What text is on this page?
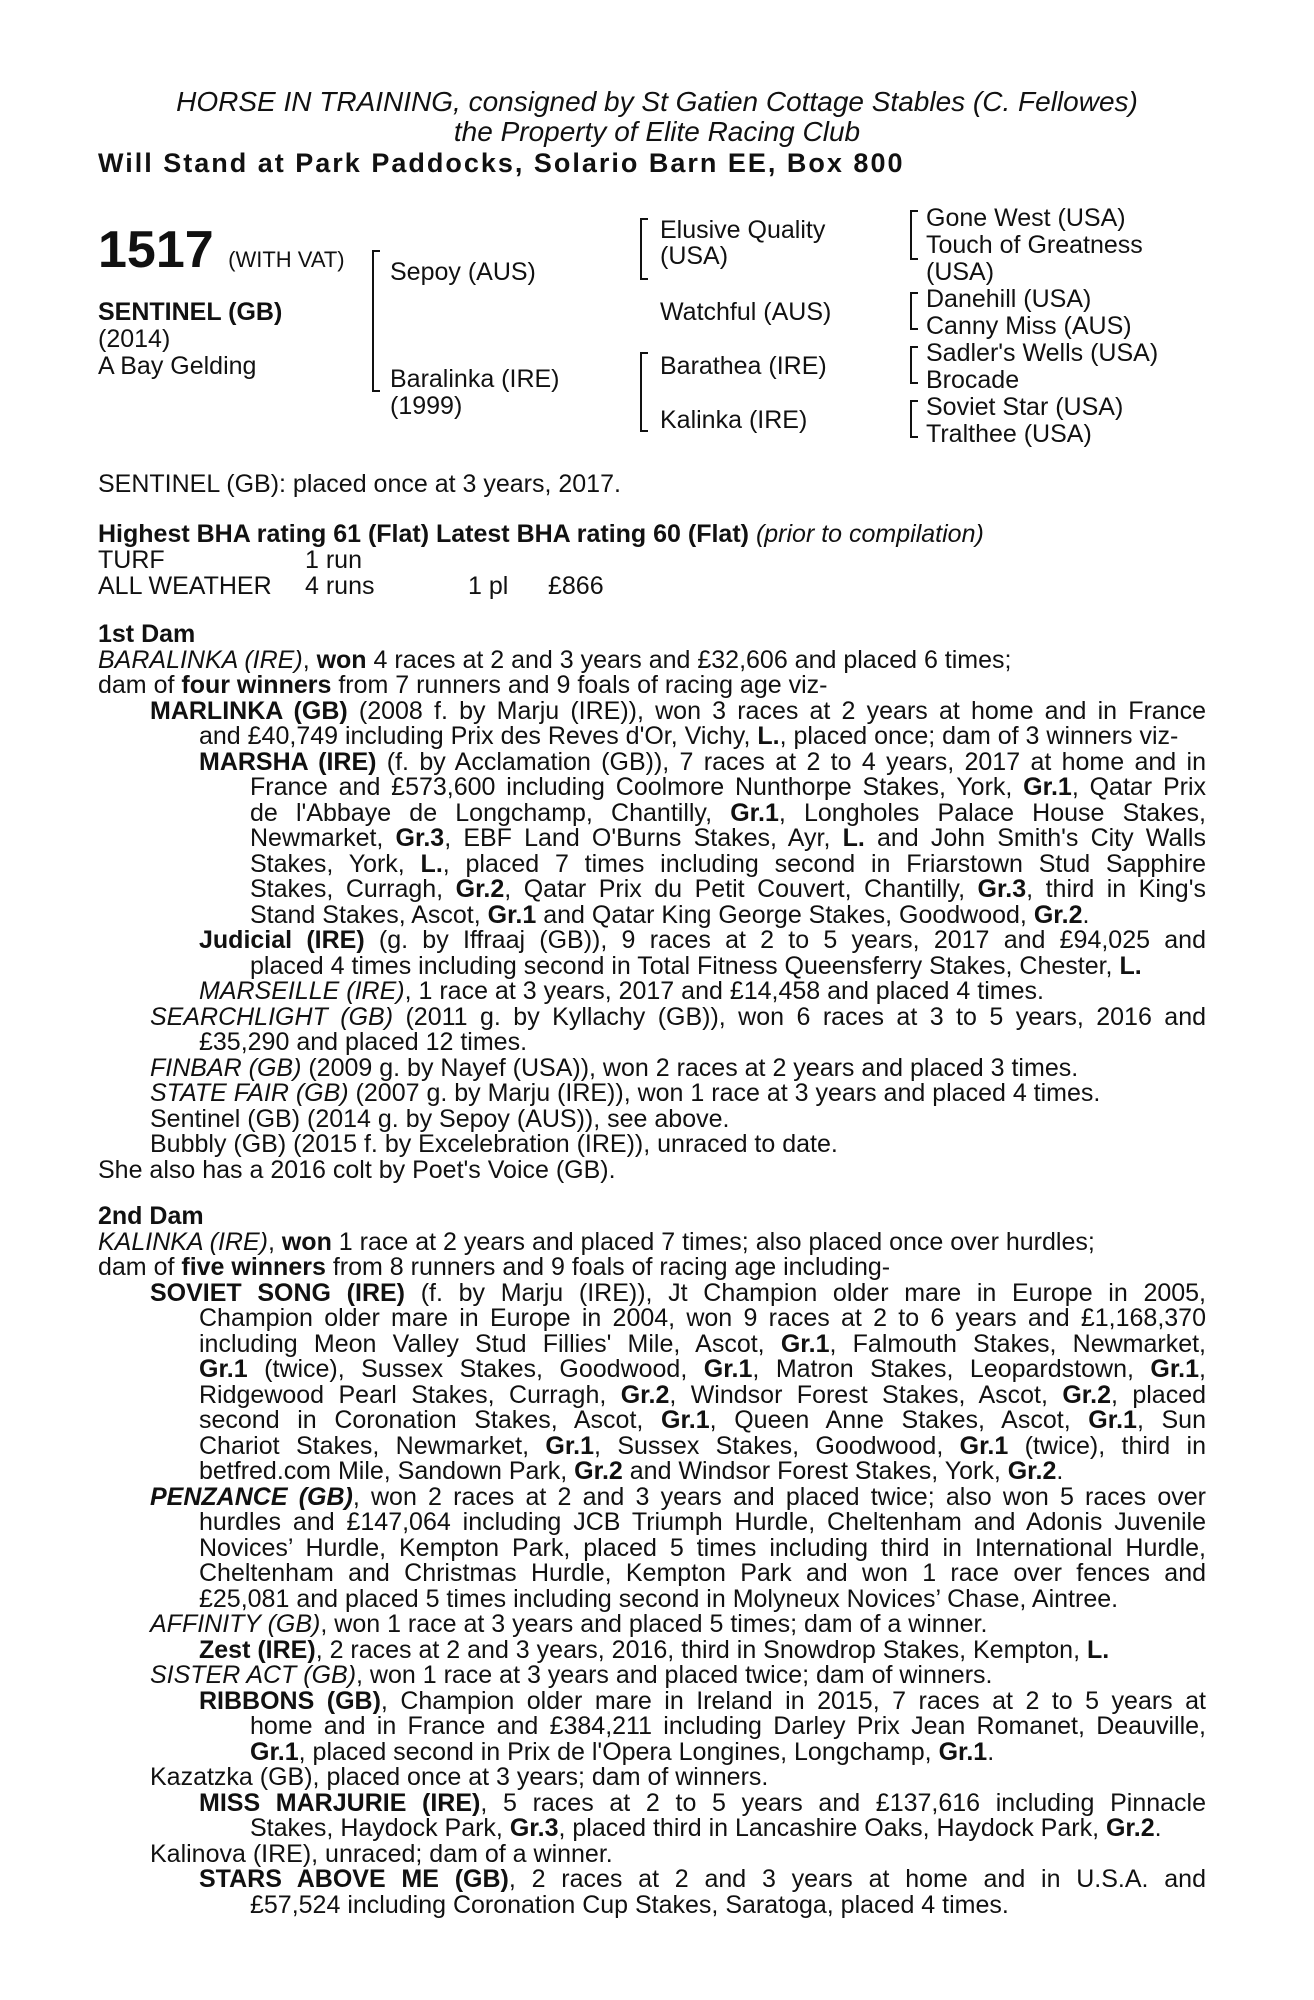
HORSE IN TRAINING, consigned by St Gatien Cottage Stables (C. Fellowes)
the Property of Elite Racing Club
Will Stand at Park Paddocks, Solario Barn EE, Box 800
1517 (WITH VAT)
SENTINEL (GB)
(2014)
A Bay Gelding
Sepoy (AUS)
Baralinka (IRE)
(1999)
Elusive Quality
(USA)
Watchful (AUS)
Barathea (IRE)
Kalinka (IRE)
Gone West (USA)
Touch of Greatness
(USA)
Danehill (USA)
Canny Miss (AUS)
Sadler's Wells (USA)
Brocade
Soviet Star (USA)
Tralthee (USA)
SENTINEL (GB): placed once at 3 years, 2017.
Highest BHA rating 61 (Flat) Latest BHA rating 60 (Flat) (prior to compilation)
TURF	1 run
ALL WEATHER 4 runs	1 pl £866
1st Dam
BARALINKA (IRE), won 4 races at 2 and 3 years and £32,606 and placed 6 times;
dam of four winners from 7 runners and 9 foals of racing age viz-
MARLINKA (GB) (2008 f. by Marju (IRE)), won 3 races at 2 years at home and in France
and £40,749 including Prix des Reves d'Or, Vichy, L., placed once; dam of 3 winners viz-
MARSHA (IRE) (f. by Acclamation (GB)), 7 races at 2 to 4 years, 2017 at home and in
France and £573,600 including Coolmore Nunthorpe Stakes, York, Gr.1, Qatar Prix
de l'Abbaye de Longchamp, Chantilly, Gr.1, Longholes Palace House Stakes,
Newmarket, Gr.3, EBF Land O'Burns Stakes, Ayr, L. and John Smith's City Walls
Stakes, York, L., placed 7 times including second in Friarstown Stud Sapphire
Stakes, Curragh, Gr.2, Qatar Prix du Petit Couvert, Chantilly, Gr.3, third in King's
Stand Stakes, Ascot, Gr.1 and Qatar King George Stakes, Goodwood, Gr.2.
Judicial (IRE) (g. by Iffraaj (GB)), 9 races at 2 to 5 years, 2017 and £94,025 and
placed 4 times including second in Total Fitness Queensferry Stakes, Chester, L.
MARSEILLE (IRE), 1 race at 3 years, 2017 and £14,458 and placed 4 times.
SEARCHLIGHT (GB) (2011 g. by Kyllachy (GB)), won 6 races at 3 to 5 years, 2016 and
£35,290 and placed 12 times.
FINBAR (GB) (2009 g. by Nayef (USA)), won 2 races at 2 years and placed 3 times.
STATE FAIR (GB) (2007 g. by Marju (IRE)), won 1 race at 3 years and placed 4 times.
Sentinel (GB) (2014 g. by Sepoy (AUS)), see above.
Bubbly (GB) (2015 f. by Excelebration (IRE)), unraced to date.
She also has a 2016 colt by Poet's Voice (GB).
2nd Dam
KALINKA (IRE), won 1 race at 2 years and placed 7 times; also placed once over hurdles;
dam of five winners from 8 runners and 9 foals of racing age including-
SOVIET SONG (IRE) (f. by Marju (IRE)), Jt Champion older mare in Europe in 2005,
Champion older mare in Europe in 2004, won 9 races at 2 to 6 years and £1,168,370
including Meon Valley Stud Fillies' Mile, Ascot, Gr.1, Falmouth Stakes, Newmarket,
Gr.1 (twice), Sussex Stakes, Goodwood, Gr.1, Matron Stakes, Leopardstown, Gr.1,
Ridgewood Pearl Stakes, Curragh, Gr.2, Windsor Forest Stakes, Ascot, Gr.2, placed
second in Coronation Stakes, Ascot, Gr.1, Queen Anne Stakes, Ascot, Gr.1, Sun
Chariot Stakes, Newmarket, Gr.1, Sussex Stakes, Goodwood, Gr.1 (twice), third in
betfred.com Mile, Sandown Park, Gr.2 and Windsor Forest Stakes, York, Gr.2.
PENZANCE (GB), won 2 races at 2 and 3 years and placed twice; also won 5 races over
hurdles and £147,064 including JCB Triumph Hurdle, Cheltenham and Adonis Juvenile
Novices’ Hurdle, Kempton Park, placed 5 times including third in International Hurdle,
Cheltenham and Christmas Hurdle, Kempton Park and won 1 race over fences and
£25,081 and placed 5 times including second in Molyneux Novices’ Chase, Aintree.
AFFINITY (GB), won 1 race at 3 years and placed 5 times; dam of a winner.
Zest (IRE), 2 races at 2 and 3 years, 2016, third in Snowdrop Stakes, Kempton, L.
SISTER ACT (GB), won 1 race at 3 years and placed twice; dam of winners.
RIBBONS (GB), Champion older mare in Ireland in 2015, 7 races at 2 to 5 years at
home and in France and £384,211 including Darley Prix Jean Romanet, Deauville,
Gr.1, placed second in Prix de l'Opera Longines, Longchamp, Gr.1.
Kazatzka (GB), placed once at 3 years; dam of winners.
MISS MARJURIE (IRE), 5 races at 2 to 5 years and £137,616 including Pinnacle
Stakes, Haydock Park, Gr.3, placed third in Lancashire Oaks, Haydock Park, Gr.2.
Kalinova (IRE), unraced; dam of a winner.
STARS ABOVE ME (GB), 2 races at 2 and 3 years at home and in U.S.A. and
£57,524 including Coronation Cup Stakes, Saratoga, placed 4 times.
